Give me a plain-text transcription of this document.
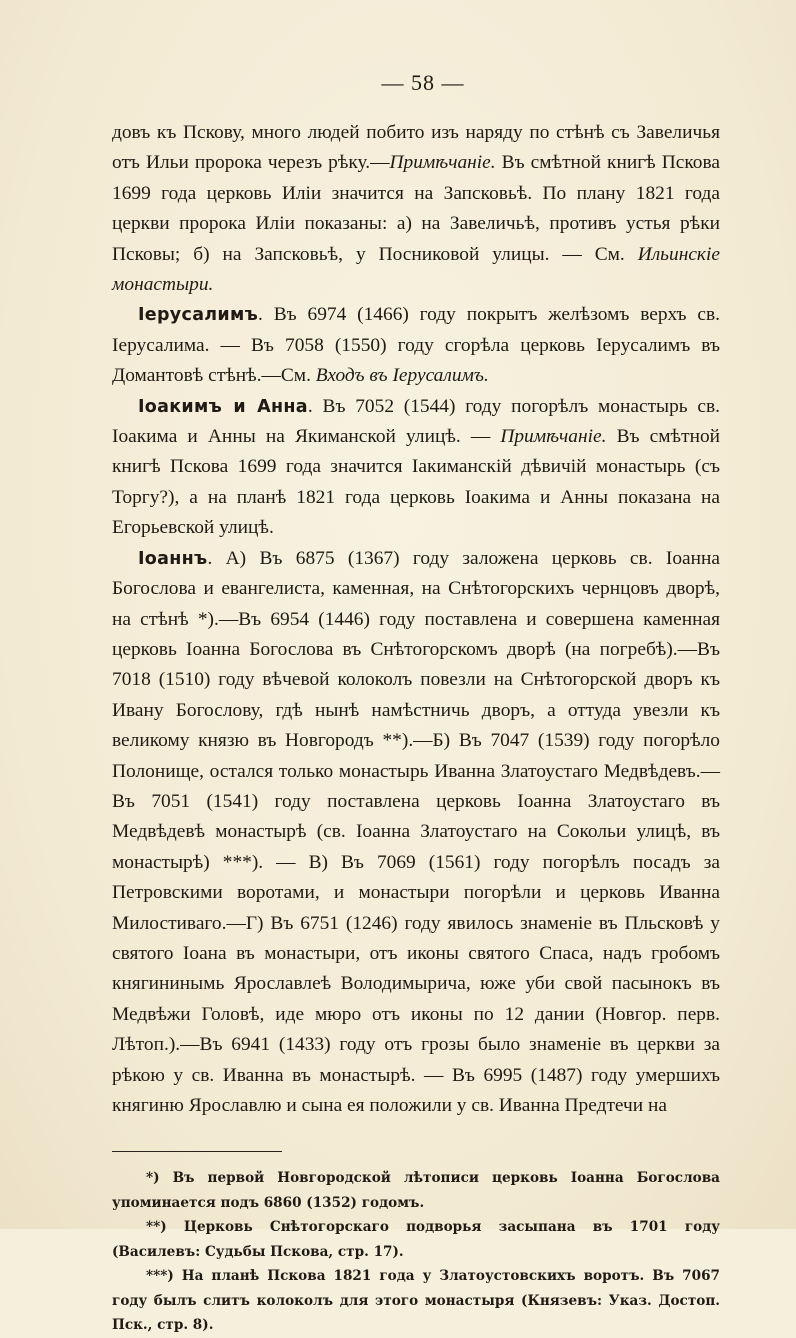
— 58 —

довъ къ Пскову, много людей побито изъ наряду по стѣнѣ съ Завеличья отъ Ильи пророка черезъ рѣку.—Примѣчаніе. Въ смѣтной книгѣ Пскова 1699 года церковь Иліи значится на Запсковьѣ. По плану 1821 года церкви пророка Иліи показаны: а) на Завеличьѣ, противъ устья рѣки Псковы; б) на Запсковьѣ, у Посниковой улицы. — См. Ильинскіе монастыри.

Іерусалимъ. Въ 6974 (1466) году покрытъ желѣзомъ верхъ св. Іерусалима. — Въ 7058 (1550) году сгорѣла церковь Іерусалимъ въ Домантовѣ стѣнѣ.—См. Входъ въ Іерусалимъ.

Іоакимъ и Анна. Въ 7052 (1544) году погорѣлъ монастырь св. Іоакима и Анны на Якиманской улицѣ. — Примѣчаніе. Въ смѣтной книгѣ Пскова 1699 года значится Іакиманскій дѣвичій монастырь (съ Торгу?), а на планѣ 1821 года церковь Іоакима и Анны показана на Егорьевской улицѣ.

Іоаннъ. А) Въ 6875 (1367) году заложена церковь св. Іоанна Богослова и евангелиста, каменная, на Снѣтогорскихъ чернцовъ дворѣ, на стѣнѣ *).—Въ 6954 (1446) году поставлена и совершена каменная церковь Іоанна Богослова въ Снѣтогорскомъ дворѣ (на погребѣ).—Въ 7018 (1510) году вѣчевой колоколъ повезли на Снѣтогорской дворъ къ Ивану Богослову, гдѣ нынѣ намѣстничь дворъ, а оттуда увезли къ великому князю въ Новгородъ **).—Б) Въ 7047 (1539) году погорѣло Полонище, остался только монастырь Иванна Златоустаго Медвѣдевъ.— Въ 7051 (1541) году поставлена церковь Іоанна Златоустаго въ Медвѣдевѣ монастырѣ (св. Іоанна Златоустаго на Сокольи улицѣ, въ монастырѣ) ***). — В) Въ 7069 (1561) году погорѣлъ посадъ за Петровскими воротами, и монастыри погорѣли и церковь Иванна Милостиваго.—Г) Въ 6751 (1246) году явилось знаменіе въ Пльсковѣ у святого Іоана въ монастыри, отъ иконы святого Спаса, надъ гробомъ княгининымь Ярославлеѣ Володимырича, юже уби свой пасынокъ въ Медвѣжи Головѣ, иде мюро отъ иконы по 12 дании (Новгор. перв. Лѣтоп.).—Въ 6941 (1433) году отъ грозы было знаменіе въ церкви за рѣкою у св. Иванна въ монастырѣ. — Въ 6995 (1487) году умершихъ княгиню Ярославлю и сына ея положили у св. Иванна Предтечи на

*) Въ первой Новгородской лѣтописи церковь Іоанна Богослова упоминается подъ 6860 (1352) годомъ.

**) Церковь Снѣтогорскаго подворья засыпана въ 1701 году (Василевъ: Судьбы Пскова, стр. 17).

***) На планѣ Пскова 1821 года у Златоустовскихъ воротъ. Въ 7067 году былъ слитъ колоколъ для этого монастыря (Князевъ: Указ. Достоп. Пск., стр. 8).
